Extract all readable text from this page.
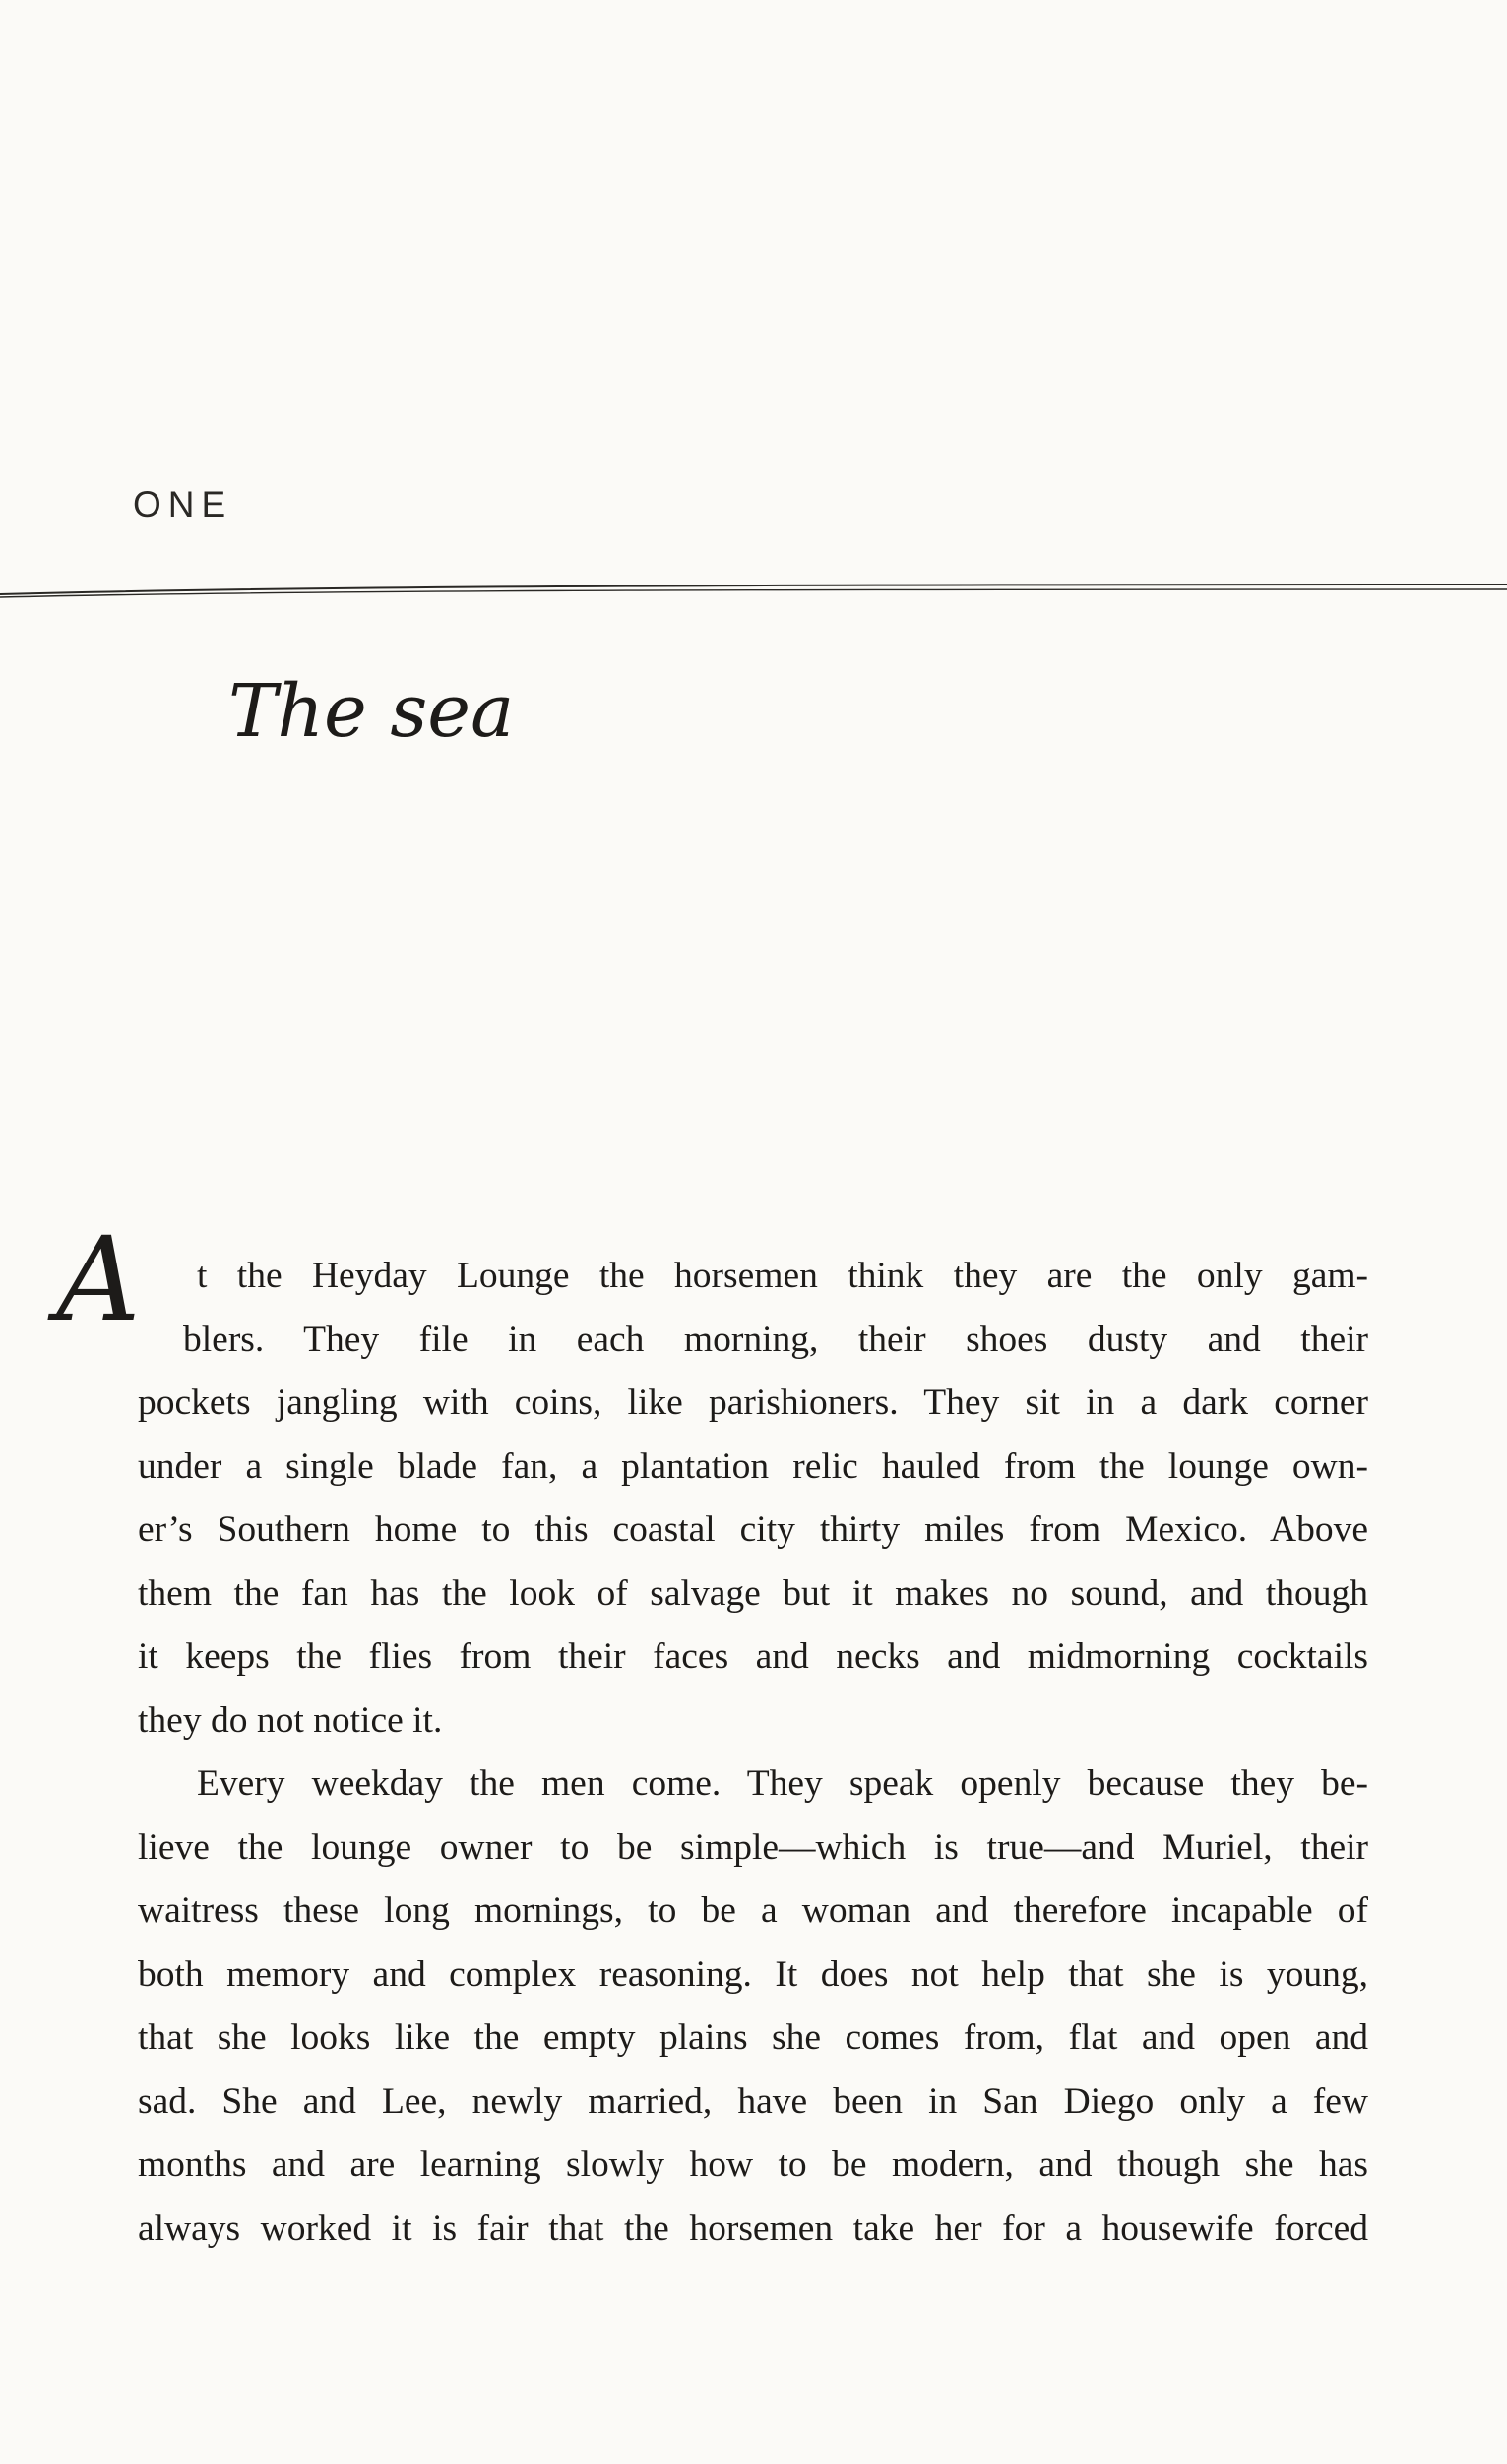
ONE
The sea
A	t the Heyday Lounge the horsemen think they are the only gam-
blers. They file in each morning, their shoes dusty and their
pockets jangling with coins, like parishioners. They sit in a dark corner
under a single blade fan, a plantation relic hauled from the lounge own-
er’s Southern home to this coastal city thirty miles from Mexico. Above
them the fan has the look of salvage but it makes no sound, and though
it keeps the flies from their faces and necks and midmorning cocktails
they do not notice it.
Every weekday the men come. They speak openly because they be-
lieve the lounge owner to be simple—which is true—and Muriel, their
waitress these long mornings, to be a woman and therefore incapable of
both memory and complex reasoning. It does not help that she is young,
that she looks like the empty plains she comes from, flat and open and
sad. She and Lee, newly married, have been in San Diego only a few
months and are learning slowly how to be modern, and though she has
always worked it is fair that the horsemen take her for a housewife forced
